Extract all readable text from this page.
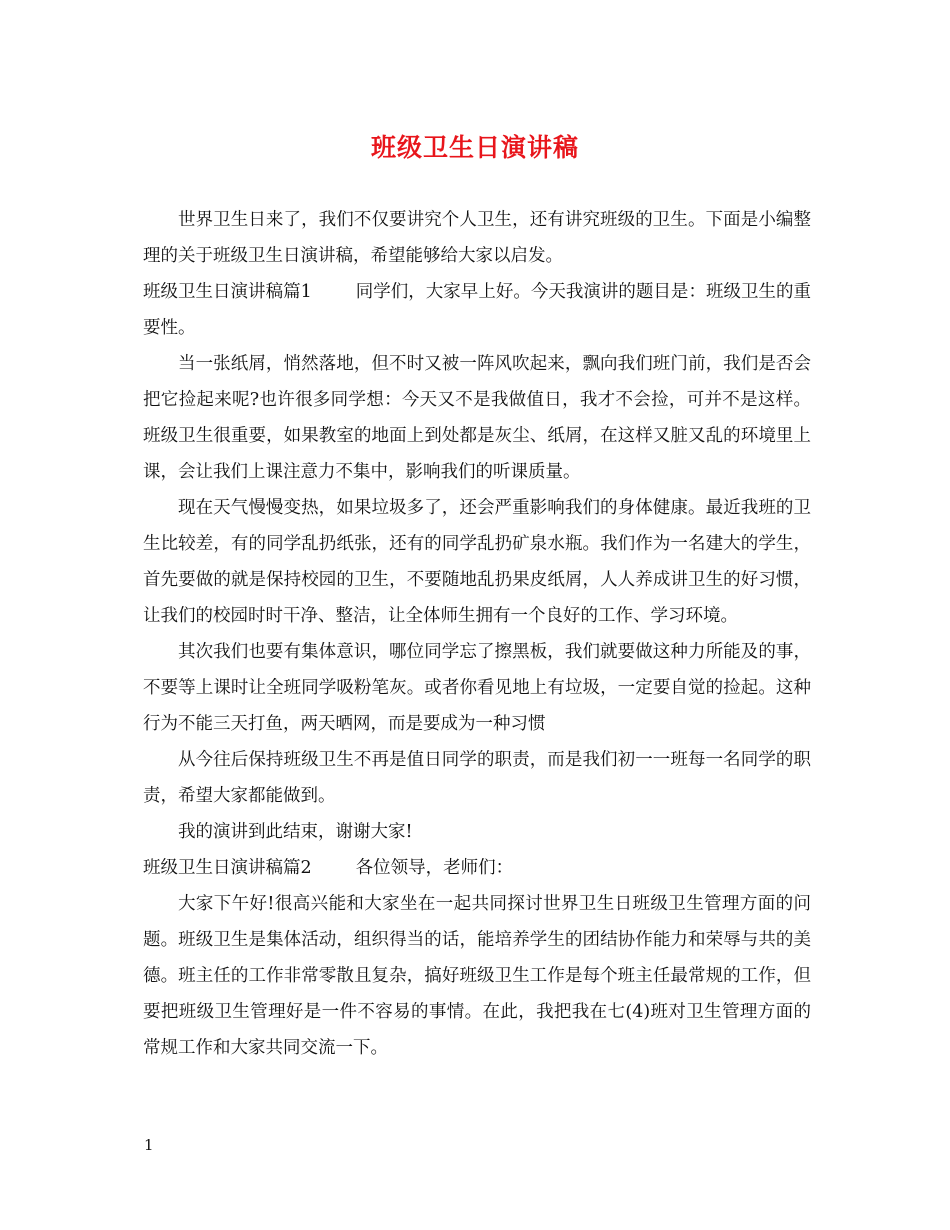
班级卫生日演讲稿

世界卫生日来了，我们不仅要讲究个人卫生，还有讲究班级的卫生。下面是小编整理的关于班级卫生日演讲稿，希望能够给大家以启发。

班级卫生日演讲稿篇1	同学们，大家早上好。今天我演讲的题目是：班级卫生的重要性。

当一张纸屑，悄然落地，但不时又被一阵风吹起来，飘向我们班门前，我们是否会把它捡起来呢?也许很多同学想：今天又不是我做值日，我才不会捡，可并不是这样。班级卫生很重要，如果教室的地面上到处都是灰尘、纸屑，在这样又脏又乱的环境里上课，会让我们上课注意力不集中，影响我们的听课质量。

现在天气慢慢变热，如果垃圾多了，还会严重影响我们的身体健康。最近我班的卫生比较差，有的同学乱扔纸张，还有的同学乱扔矿泉水瓶。我们作为一名建大的学生，首先要做的就是保持校园的卫生，不要随地乱扔果皮纸屑，人人养成讲卫生的好习惯，让我们的校园时时干净、整洁，让全体师生拥有一个良好的工作、学习环境。

其次我们也要有集体意识，哪位同学忘了擦黑板，我们就要做这种力所能及的事，不要等上课时让全班同学吸粉笔灰。或者你看见地上有垃圾，一定要自觉的捡起。这种行为不能三天打鱼，两天晒网，而是要成为一种习惯

从今往后保持班级卫生不再是值日同学的职责，而是我们初一一班每一名同学的职责，希望大家都能做到。

我的演讲到此结束，谢谢大家!

班级卫生日演讲稿篇2	各位领导，老师们：

大家下午好!很高兴能和大家坐在一起共同探讨世界卫生日班级卫生管理方面的问题。班级卫生是集体活动，组织得当的话，能培养学生的团结协作能力和荣辱与共的美德。班主任的工作非常零散且复杂，搞好班级卫生工作是每个班主任最常规的工作，但要把班级卫生管理好是一件不容易的事情。在此，我把我在七(4)班对卫生管理方面的常规工作和大家共同交流一下。

1
